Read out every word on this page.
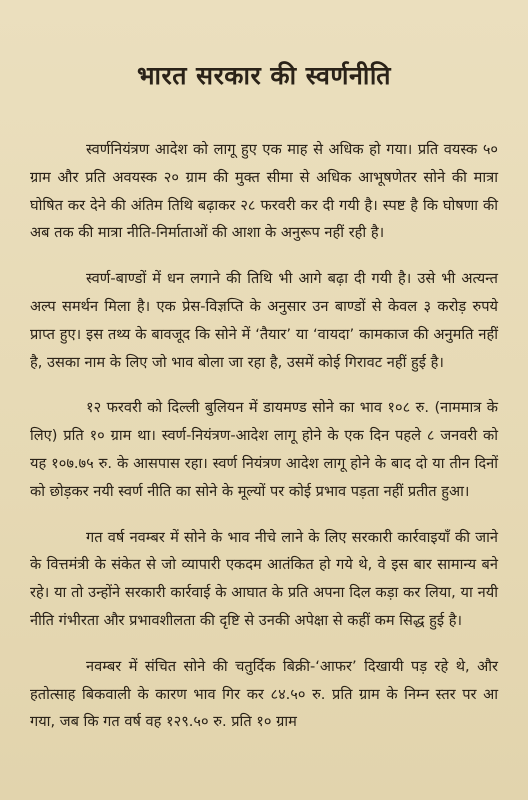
भारत सरकार की स्वर्णनीति

स्वर्णनियंत्रण आदेश को लागू हुए एक माह से अधिक हो गया। प्रति वयस्क ५० ग्राम और प्रति अवयस्क २० ग्राम की मुक्त सीमा से अधिक आभूषणेतर सोने की मात्रा घोषित कर देने की अंतिम तिथि बढ़ाकर २८ फरवरी कर दी गयी है। स्पष्ट है कि घोषणा की अब तक की मात्रा नीति-निर्माताओं की आशा के अनुरूप नहीं रही है।

स्वर्ण-बाण्डों में धन लगाने की तिथि भी आगे बढ़ा दी गयी है। उसे भी अत्यन्त अल्प समर्थन मिला है। एक प्रेस-विज्ञप्ति के अनुसार उन बाण्डों से केवल ३ करोड़ रुपये प्राप्त हुए। इस तथ्य के बावजूद कि सोने में ‘तैयार’ या ‘वायदा’ कामकाज की अनुमति नहीं है, उसका नाम के लिए जो भाव बोला जा रहा है, उसमें कोई गिरावट नहीं हुई है।

१२ फरवरी को दिल्ली बुलियन में डायमण्ड सोने का भाव १०८ रु. (नाममात्र के लिए) प्रति १० ग्राम था। स्वर्ण-नियंत्रण-आदेश लागू होने के एक दिन पहले ८ जनवरी को यह १०७.७५ रु. के आसपास रहा। स्वर्ण नियंत्रण आदेश लागू होने के बाद दो या तीन दिनों को छोड़कर नयी स्वर्ण नीति का सोने के मूल्यों पर कोई प्रभाव पड़ता नहीं प्रतीत हुआ।

गत वर्ष नवम्बर में सोने के भाव नीचे लाने के लिए सरकारी कार्रवाइयाँ की जाने के वित्तमंत्री के संकेत से जो व्यापारी एकदम आतंकित हो गये थे, वे इस बार सामान्य बने रहे। या तो उन्होंने सरकारी कार्रवाई के आघात के प्रति अपना दिल कड़ा कर लिया, या नयी नीति गंभीरता और प्रभावशीलता की दृष्टि से उनकी अपेक्षा से कहीं कम सिद्ध हुई है।

नवम्बर में संचित सोने की चतुर्दिक बिक्री-‘आफर’ दिखायी पड़ रहे थे, और हतोत्साह बिकवाली के कारण भाव गिर कर ८४.५० रु. प्रति ग्राम के निम्न स्तर पर आ गया, जब कि गत वर्ष वह १२९.५० रु. प्रति १० ग्राम
